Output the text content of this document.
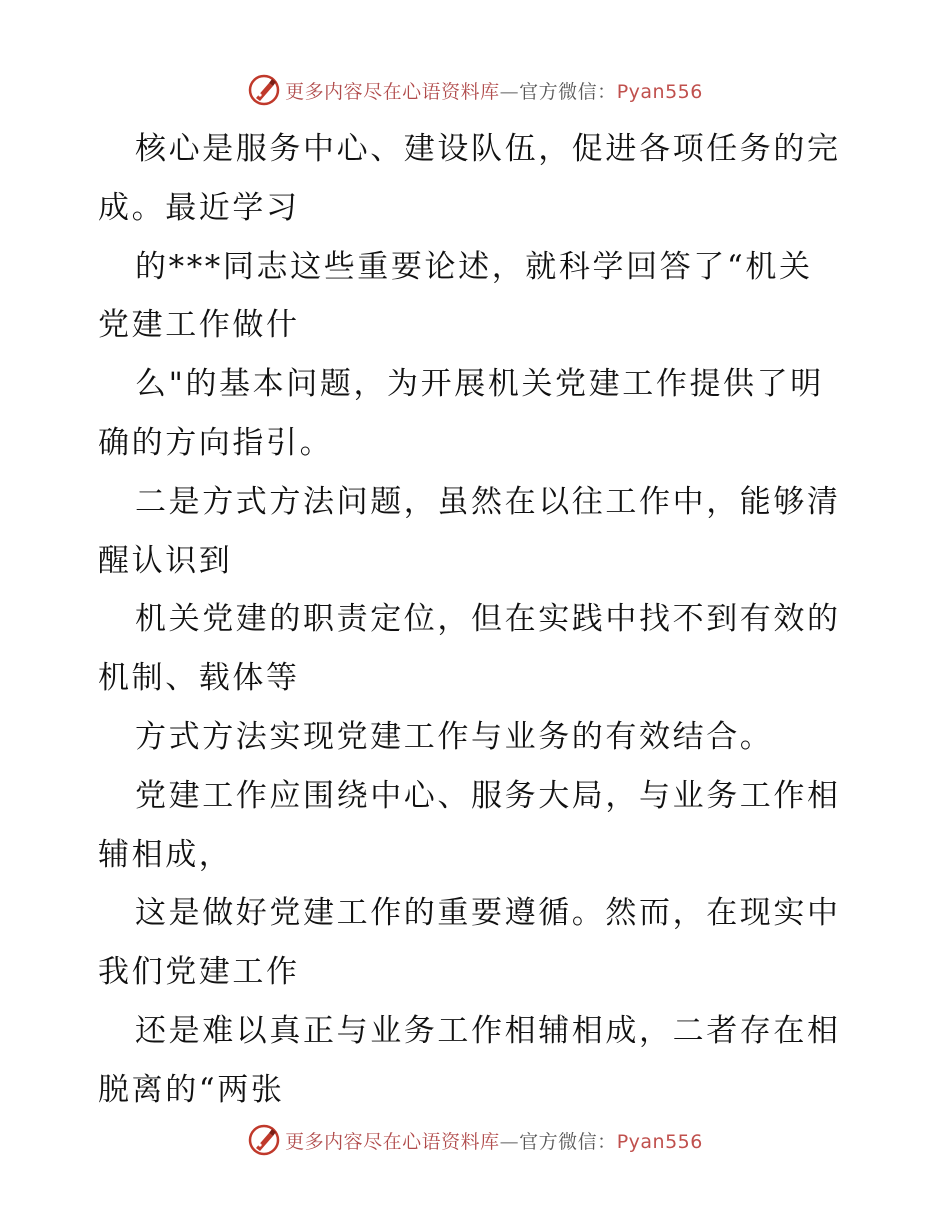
更多内容尽在心语资料库—官方微信：Pyan556
核心是服务中心、建设队伍，促进各项任务的完
成。最近学习
的***同志这些重要论述，就科学回答了“机关
党建工作做什
么"的基本问题，为开展机关党建工作提供了明
确的方向指引。
二是方式方法问题，虽然在以往工作中，能够清
醒认识到
机关党建的职责定位，但在实践中找不到有效的
机制、载体等
方式方法实现党建工作与业务的有效结合。
党建工作应围绕中心、服务大局，与业务工作相
辅相成，
这是做好党建工作的重要遵循。然而，在现实中
我们党建工作
还是难以真正与业务工作相辅相成，二者存在相
脱离的“两张
更多内容尽在心语资料库—官方微信：Pyan556
